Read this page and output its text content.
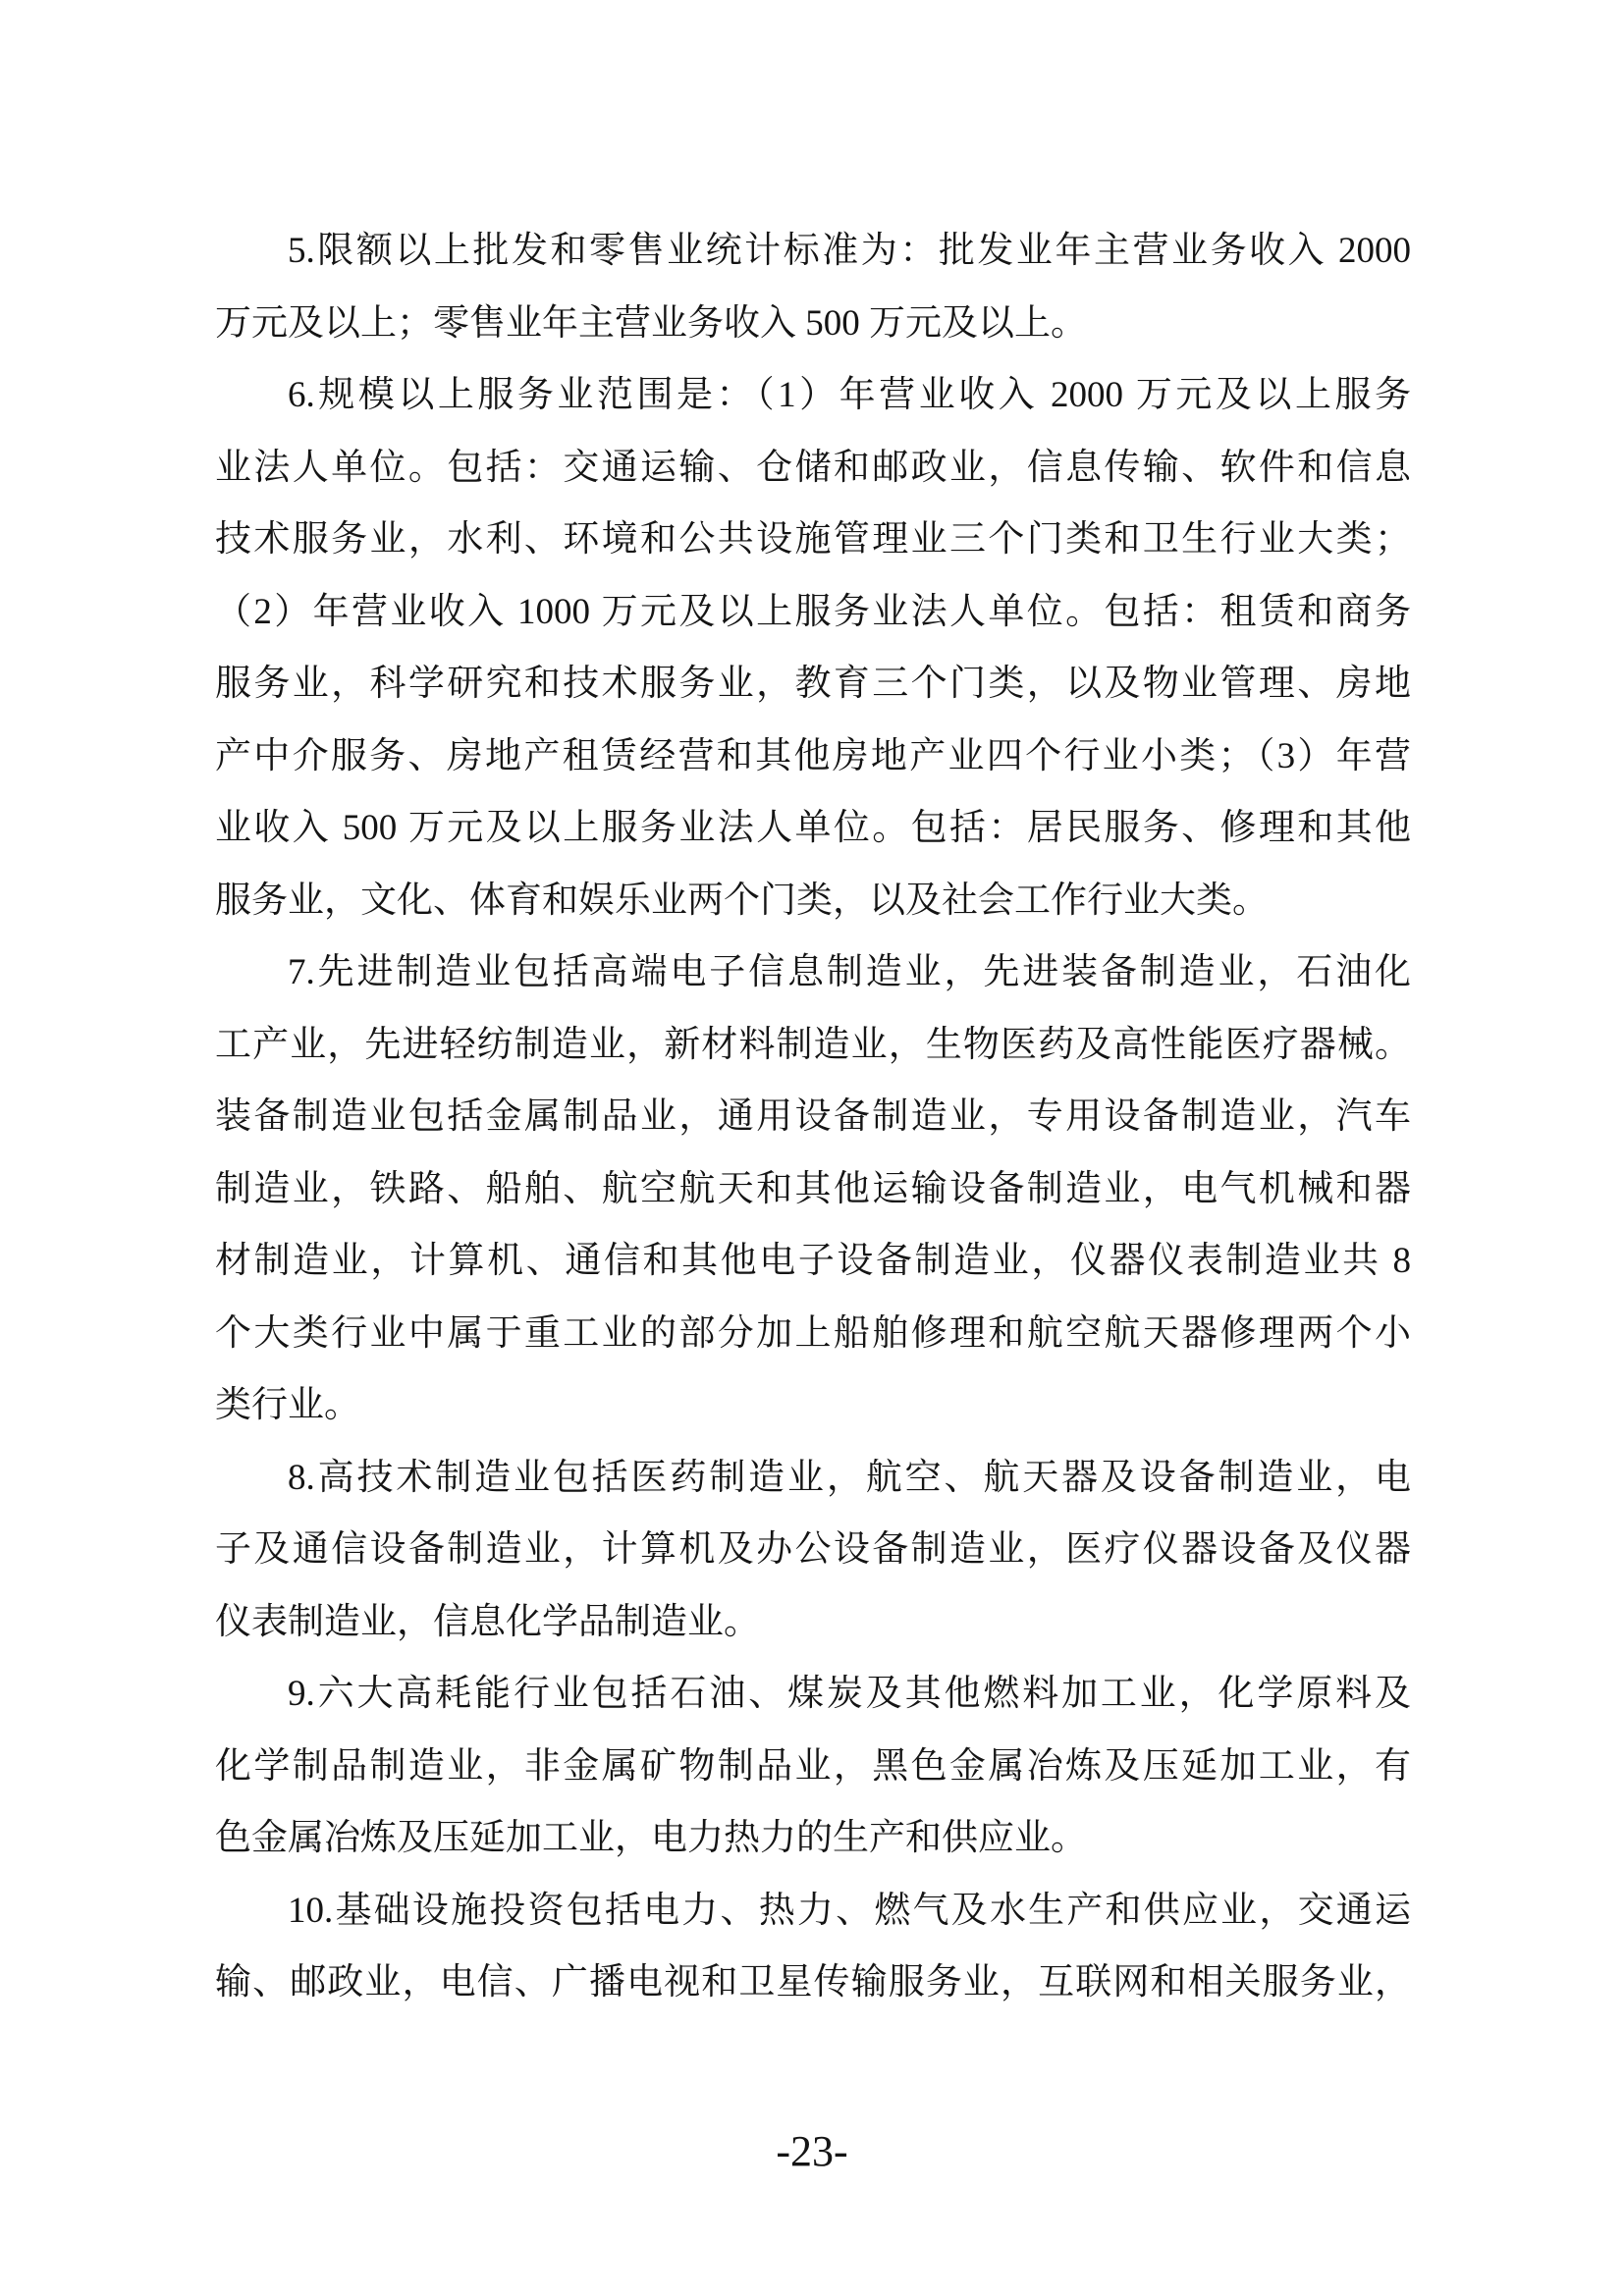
5.限额以上批发和零售业统计标准为：批发业年主营业务收入 2000
万元及以上；零售业年主营业务收入 500 万元及以上。
6.规模以上服务业范围是：（1）年营业收入 2000 万元及以上服务
业法人单位。包括：交通运输、仓储和邮政业，信息传输、软件和信息
技术服务业，水利、环境和公共设施管理业三个门类和卫生行业大类；
（2）年营业收入 1000 万元及以上服务业法人单位。包括：租赁和商务
服务业，科学研究和技术服务业，教育三个门类，以及物业管理、房地
产中介服务、房地产租赁经营和其他房地产业四个行业小类；（3）年营
业收入 500 万元及以上服务业法人单位。包括：居民服务、修理和其他
服务业，文化、体育和娱乐业两个门类，以及社会工作行业大类。
7.先进制造业包括高端电子信息制造业，先进装备制造业，石油化
工产业，先进轻纺制造业，新材料制造业，生物医药及高性能医疗器械。
装备制造业包括金属制品业，通用设备制造业，专用设备制造业，汽车
制造业，铁路、船舶、航空航天和其他运输设备制造业，电气机械和器
材制造业，计算机、通信和其他电子设备制造业，仪器仪表制造业共 8
个大类行业中属于重工业的部分加上船舶修理和航空航天器修理两个小
类行业。
8.高技术制造业包括医药制造业，航空、航天器及设备制造业，电
子及通信设备制造业，计算机及办公设备制造业，医疗仪器设备及仪器
仪表制造业，信息化学品制造业。
9.六大高耗能行业包括石油、煤炭及其他燃料加工业，化学原料及
化学制品制造业，非金属矿物制品业，黑色金属冶炼及压延加工业，有
色金属冶炼及压延加工业，电力热力的生产和供应业。
10.基础设施投资包括电力、热力、燃气及水生产和供应业，交通运
输、邮政业，电信、广播电视和卫星传输服务业，互联网和相关服务业，
-23-
